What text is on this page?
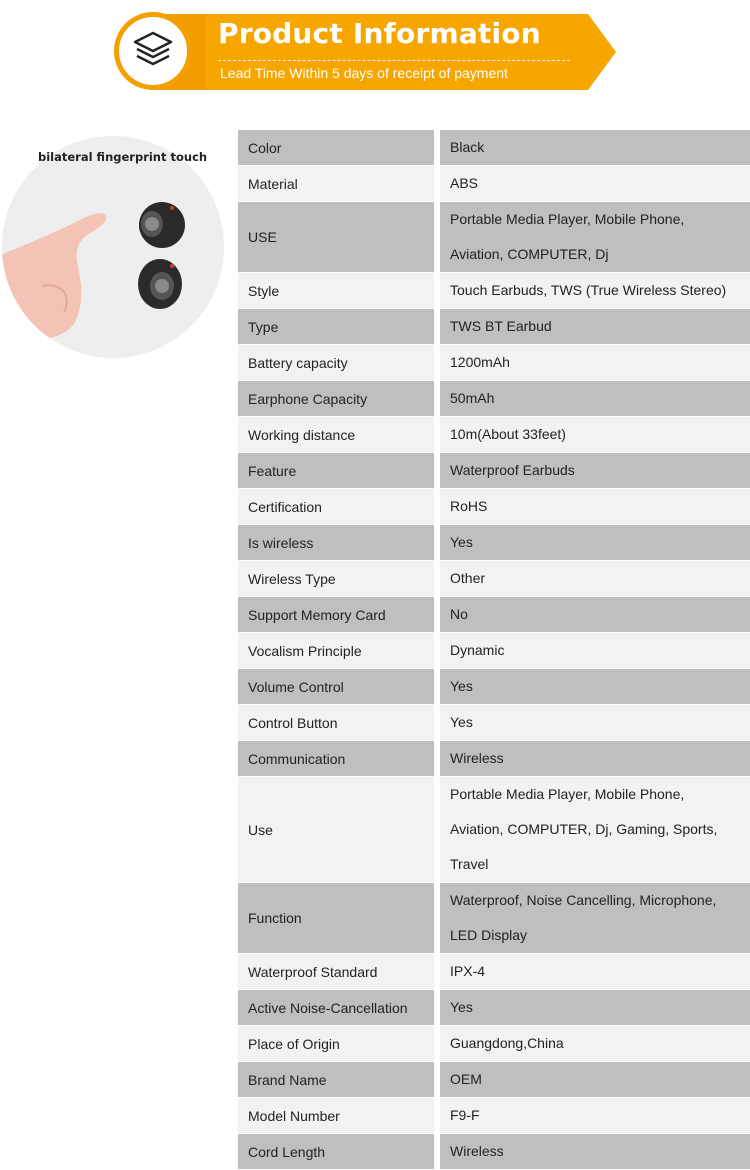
Product Information
Lead Time Within 5 days of receipt of payment
bilateral fingerprint touch
Color	Black

Material	ABS

USE	Portable Media Player, Mobile Phone,
Aviation, COMPUTER, Dj

Style	Touch Earbuds, TWS (True Wireless Stereo)

Type	TWS BT Earbud

Battery capacity	1200mAh

Earphone Capacity	50mAh

Working distance	10m(About 33feet)

Feature	Waterproof Earbuds

Certification	RoHS

Is wireless	Yes

Wireless Type	Other

Support Memory Card	No

Vocalism Principle	Dynamic

Volume Control	Yes

Control Button	Yes

Communication	Wireless

Use	Portable Media Player, Mobile Phone,
Aviation, COMPUTER, Dj, Gaming, Sports,
Travel

Function	Waterproof, Noise Cancelling, Microphone,
LED Display

Waterproof Standard	IPX-4

Active Noise-Cancellation	Yes

Place of Origin	Guangdong,China

Brand Name	OEM

Model Number	F9-F

Cord Length	Wireless
